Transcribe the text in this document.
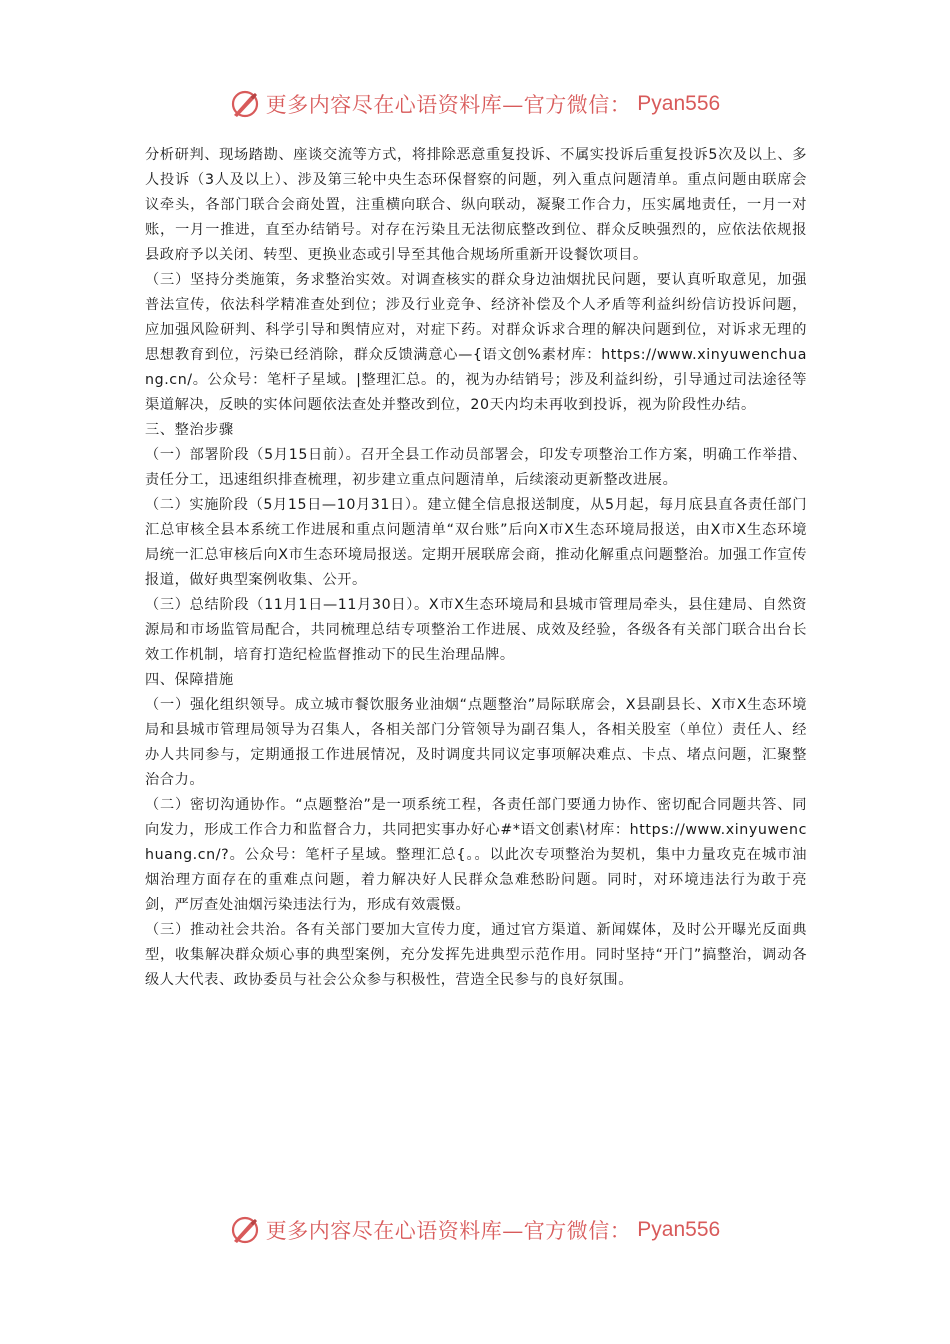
更多内容尽在心语资料库—官方微信： Pyan556

分析研判、现场踏勘、座谈交流等方式，将排除恶意重复投诉、不属实投诉后重复投诉5次及以上、多人投诉（3人及以上）、涉及第三轮中央生态环保督察的问题，列入重点问题清单。重点问题由联席会议牵头，各部门联合会商处置，注重横向联合、纵向联动，凝聚工作合力，压实属地责任，一月一对账，一月一推进，直至办结销号。对存在污染且无法彻底整改到位、群众反映强烈的，应依法依规报县政府予以关闭、转型、更换业态或引导至其他合规场所重新开设餐饮项目。

（三）坚持分类施策，务求整治实效。对调查核实的群众身边油烟扰民问题，要认真听取意见，加强普法宣传，依法科学精准查处到位；涉及行业竞争、经济补偿及个人矛盾等利益纠纷信访投诉问题，应加强风险研判、科学引导和舆情应对，对症下药。对群众诉求合理的解决问题到位，对诉求无理的思想教育到位，污染已经消除，群众反馈满意心—{语文创%素材库：https://www.xinyuwenchuang.cn/。公众号：笔杆子星域。|整理汇总。的，视为办结销号；涉及利益纠纷，引导通过司法途径等渠道解决，反映的实体问题依法查处并整改到位，20天内均未再收到投诉，视为阶段性办结。

三、整治步骤

（一）部署阶段（5月15日前）。召开全县工作动员部署会，印发专项整治工作方案，明确工作举措、责任分工，迅速组织排查梳理，初步建立重点问题清单，后续滚动更新整改进展。

（二）实施阶段（5月15日—10月31日）。建立健全信息报送制度，从5月起，每月底县直各责任部门汇总审核全县本系统工作进展和重点问题清单“双台账”后向X市X生态环境局报送，由X市X生态环境局统一汇总审核后向X市生态环境局报送。定期开展联席会商，推动化解重点问题整治。加强工作宣传报道，做好典型案例收集、公开。

（三）总结阶段（11月1日—11月30日）。X市X生态环境局和县城市管理局牵头，县住建局、自然资源局和市场监管局配合，共同梳理总结专项整治工作进展、成效及经验，各级各有关部门联合出台长效工作机制，培育打造纪检监督推动下的民生治理品牌。

四、保障措施

（一）强化组织领导。成立城市餐饮服务业油烟“点题整治”局际联席会，X县副县长、X市X生态环境局和县城市管理局领导为召集人，各相关部门分管领导为副召集人，各相关股室（单位）责任人、经办人共同参与，定期通报工作进展情况，及时调度共同议定事项解决难点、卡点、堵点问题，汇聚整治合力。

（二）密切沟通协作。“点题整治”是一项系统工程，各责任部门要通力协作、密切配合同题共答、同向发力，形成工作合力和监督合力，共同把实事办好心#*语文创素\材库：https://www.xinyuwenchuang.cn/?。公众号：笔杆子星域。整理汇总{。。以此次专项整治为契机，集中力量攻克在城市油烟治理方面存在的重难点问题，着力解决好人民群众急难愁盼问题。同时，对环境违法行为敢于亮剑，严厉查处油烟污染违法行为，形成有效震慑。

（三）推动社会共治。各有关部门要加大宣传力度，通过官方渠道、新闻媒体，及时公开曝光反面典型，收集解决群众烦心事的典型案例，充分发挥先进典型示范作用。同时坚持“开门”搞整治，调动各级人大代表、政协委员与社会公众参与积极性，营造全民参与的良好氛围。

更多内容尽在心语资料库—官方微信： Pyan556
